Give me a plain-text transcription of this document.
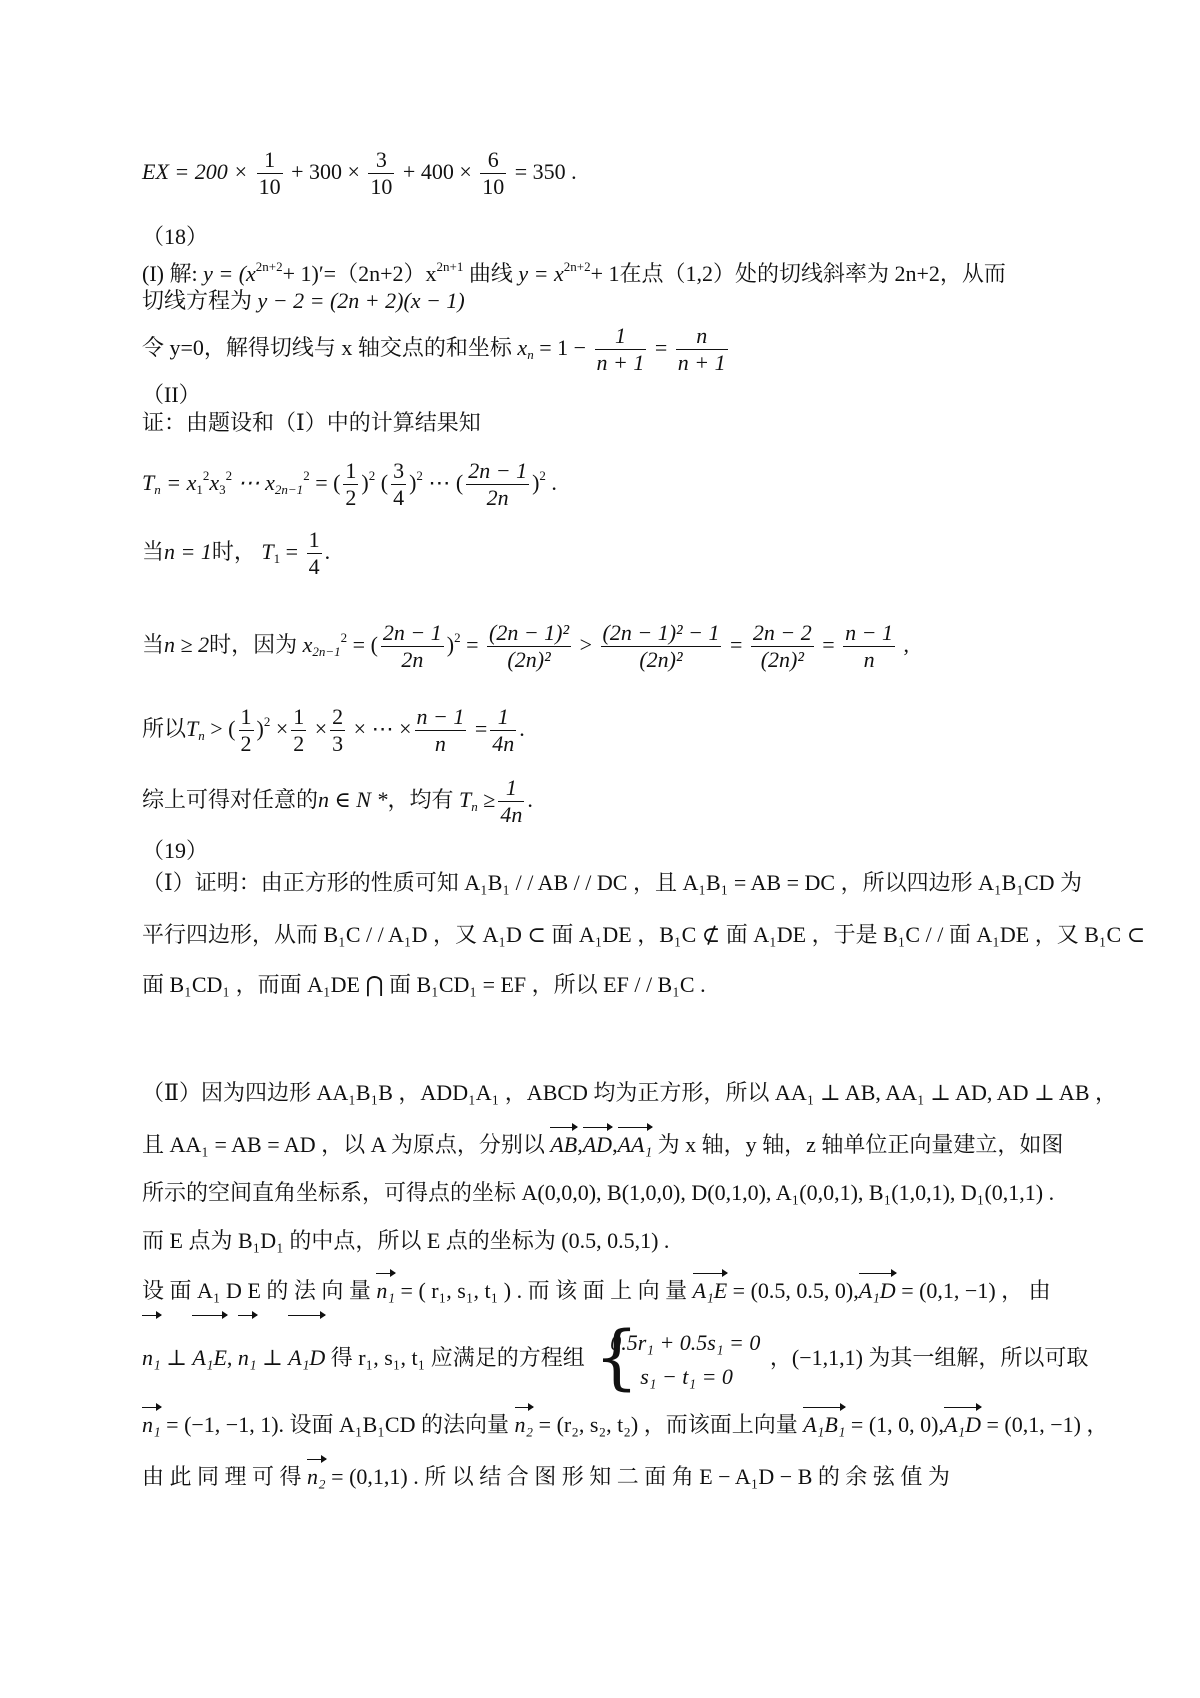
EX = $200 \times \frac{1}{10} + 300 \times \frac{3}{10} + 400 \times \frac{6}{10} = 350$ .
（18）
(I) 解: $y = (x^{2n+2}+ 1)'=(2n+2)x^{2n+1}$ 曲线 $y = x^{2n+2}+ 1$在点（1,2）处的切线斜率为 2n+2，从而
切线方程为 y − 2 = (2n + 2)(x − 1)
令 y=0，解得切线与 x 轴交点的和坐标 $x_n = 1 - \frac{1}{n + 1} = \frac{n}{n + 1}$
（II）
证：由题设和（Ⅰ）中的计算结果知
$T_n = x_1^2x_3^2$ ⋯ $x_{2n-1}^2$ = ( $\frac{1}{2} )^2$ ( $\frac{3}{4} )^2$ ⋯ ( $\frac{2n - 1}{2n} )^2$ .
当n = 1时， $T_1 = \frac{1}{4}$ .
当n ≥ 2时，因为 $x_{2n-1}^2$ = ( $\frac{2n - 1}{2n} )^2 = \frac{\text{(2n − 1)²}}{\text{(2n)²}} > \frac{\text{(2n − 1)² − 1}}{\text{(2n)²}} = \frac{2n - 2}{\text{(2n)²}} = \frac{n - 1}{n}$ ,
所以$T_n$ > ( $\frac{1}{2} )^2 \times \frac{1}{2} \times \frac{2}{3}$ × ⋯ × $\frac{n - 1}{n} = \frac{1}{4n}$ .
综上可得对任意的n ∈ N *，均有 $T_n \ge \frac{1}{4n}$ .
（19）
（Ⅰ）证明：由正方形的性质可知 A₁B₁ / / AB / / DC ，且 A₁B₁ = AB = DC ，所以四边形 A₁B₁CD 为
平行四边形，从而 B₁C / / A₁D ，又 A₁D ⊂ 面 A₁DE ，B₁C ⊄ 面 A₁DE ，于是 B₁C / / 面 A₁DE ，又 B₁C ⊂
面 B₁CD₁ ，而面 A₁DE ⋂ 面 B₁CD₁ = EF ，所以 EF / / B₁C .
（Ⅱ）因为四边形 AA₁B₁B ，ADD₁A₁ ，ABCD 均为正方形，所以 AA₁ ⊥ AB, AA₁ ⊥ AD, AD ⊥ AB ，
且 AA₁ = AB = AD ，以 A 为原点，分别以 AB,AD,AA₁ 为 x 轴，y 轴，z 轴单位正向量建立，如图
所示的空间直角坐标系，可得点的坐标 A(0,0,0), B(1,0,0), D(0,1,0), A₁(0,0,1), B₁(1,0,1), D₁(0,1,1) .
而 E 点为 B₁D₁ 的中点，所以 E 点的坐标为 (0.5, 0.5,1) .
设 面 A₁ D E 的 法 向 量 n₁ = ( r₁, s₁, t₁ ) . 而 该 面 上 向 量 A₁E = (0.5, 0.5, 0),A₁D = (0,1, −1) ， 由
n₁ ⊥ A₁E, n₁ ⊥ A₁D 得 r₁, s₁, t₁ 应满足的方程组 {
0.5r₁ + 0.5s₁ = 0
s₁ − t₁ = 0
，(−1,1,1) 为其一组解，所以可取
n₁ = (−1, −1, 1). 设面 A₁B₁CD 的法向量 n₂ = (r₂, s₂, t₂) ，而该面上向量 A₁B₁ = (1, 0, 0),A₁D = (0,1, −1) ，
由 此 同 理 可 得 n₂ = (0,1,1) . 所 以 结 合 图 形 知 二 面 角 E − A₁D − B 的 余 弦 值 为
